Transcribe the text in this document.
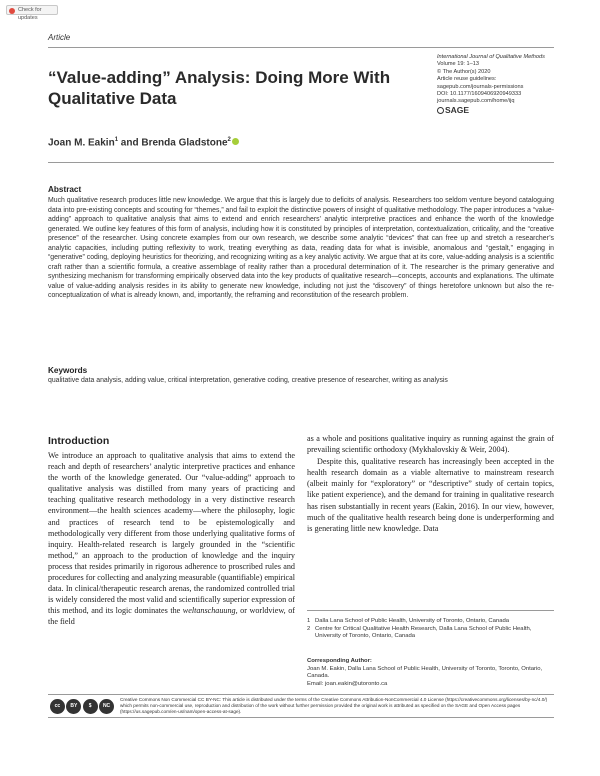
Check for updates
Article
“Value-adding” Analysis: Doing More With Qualitative Data
International Journal of Qualitative Methods
Volume 19: 1–13
© The Author(s) 2020
Article reuse guidelines:
sagepub.com/journals-permissions
DOI: 10.1177/1609406920949333
journals.sagepub.com/home/ijq
SAGE
Joan M. Eakin$^1$ and Brenda Gladstone$^2$
Abstract

Much qualitative research produces little new knowledge. We argue that this is largely due to deficits of analysis. Researchers too seldom venture beyond cataloguing data into pre-existing concepts and scouting for “themes,” and fail to exploit the distinctive powers of insight of qualitative methodology. The paper introduces a “value-adding” approach to qualitative analysis that aims to extend and enrich researchers’ analytic interpretive practices and enhance the worth of the knowledge generated. We outline key features of this form of analysis, including how it is constituted by principles of interpretation, contextualization, criticality, and the “creative presence” of the researcher. Using concrete examples from our own research, we describe some analytic “devices” that can free up and stretch a researcher’s analytic capacities, including putting reflexivity to work, treating everything as data, reading data for what is invisible, anomalous and “gestalt,” engaging in “generative” coding, deploying heuristics for theorizing, and recognizing writing as a key analytic activity. We argue that at its core, value-adding analysis is a scientific craft rather than a scientific formula, a creative assemblage of reality rather than a procedural determination of it. The researcher is the primary generative and synthesizing mechanism for transforming empirically observed data into the key products of qualitative research—concepts, accounts and explanations. The ultimate value of value-adding analysis resides in its ability to generate new knowledge, including not just the “discovery” of things heretofore unknown but also the re-conceptualization of what is already known, and, importantly, the reframing and reconstitution of the research problem.

Keywords

qualitative data analysis, adding value, critical interpretation, generative coding, creative presence of researcher, writing as analysis

Introduction

We introduce an approach to qualitative analysis that aims to extend the reach and depth of researchers’ analytic interpretive practices and enhance the worth of the knowledge generated. Our “value-adding” approach to qualitative analysis was distilled from many years of practicing and teaching qualitative research methodology in a very distinctive research environment—the health sciences academy—where the philosophy, logic and practices of research tend to be epistemologically and methodologically very different from those underlying qualitative forms of inquiry. Health-related research is largely grounded in the “scientific method,” an approach to the production of knowledge and the inquiry process that resides primarily in rigorous adherence to proscribed rules and procedures for collecting and analyzing measurable (quantifiable) empirical data. In clinical/therapeutic research arenas, the randomized controlled trial is widely considered the most valid and scientifically superior expression of this method, and its logic dominates the weltanschauung, or worldview, of the field

as a whole and positions qualitative inquiry as running against the grain of prevailing scientific orthodoxy (Mykhalovskiy & Weir, 2004).

Despite this, qualitative research has increasingly been accepted in the health research domain as a viable alternative to mainstream research (albeit mainly for “exploratory” or “descriptive” study of certain topics, like patient experience), and the demand for training in qualitative research has risen substantially in recent years (Eakin, 2016). In our view, however, much of the qualitative health research being done is underperforming and is generating little new knowledge. Data

1 Dalla Lana School of Public Health, University of Toronto, Ontario, Canada
2 Centre for Critical Qualitative Health Research, Dalla Lana School of Public Health, University of Toronto, Ontario, Canada
Corresponding Author:
Joan M. Eakin, Dalla Lana School of Public Health, University of Toronto, Toronto, Ontario, Canada.
Email: joan.eakin@utoronto.ca
cc	BY	$	NC

Creative Commons Non Commercial CC BY-NC: This article is distributed under the terms of the Creative Commons Attribution-NonCommercial 4.0 License (https://creativecommons.org/licenses/by-nc/4.0/) which permits non-commercial use, reproduction and distribution of the work without further permission provided the original work is attributed as specified on the SAGE and Open Access pages (https://us.sagepub.com/en-us/nam/open-access-at-sage).
